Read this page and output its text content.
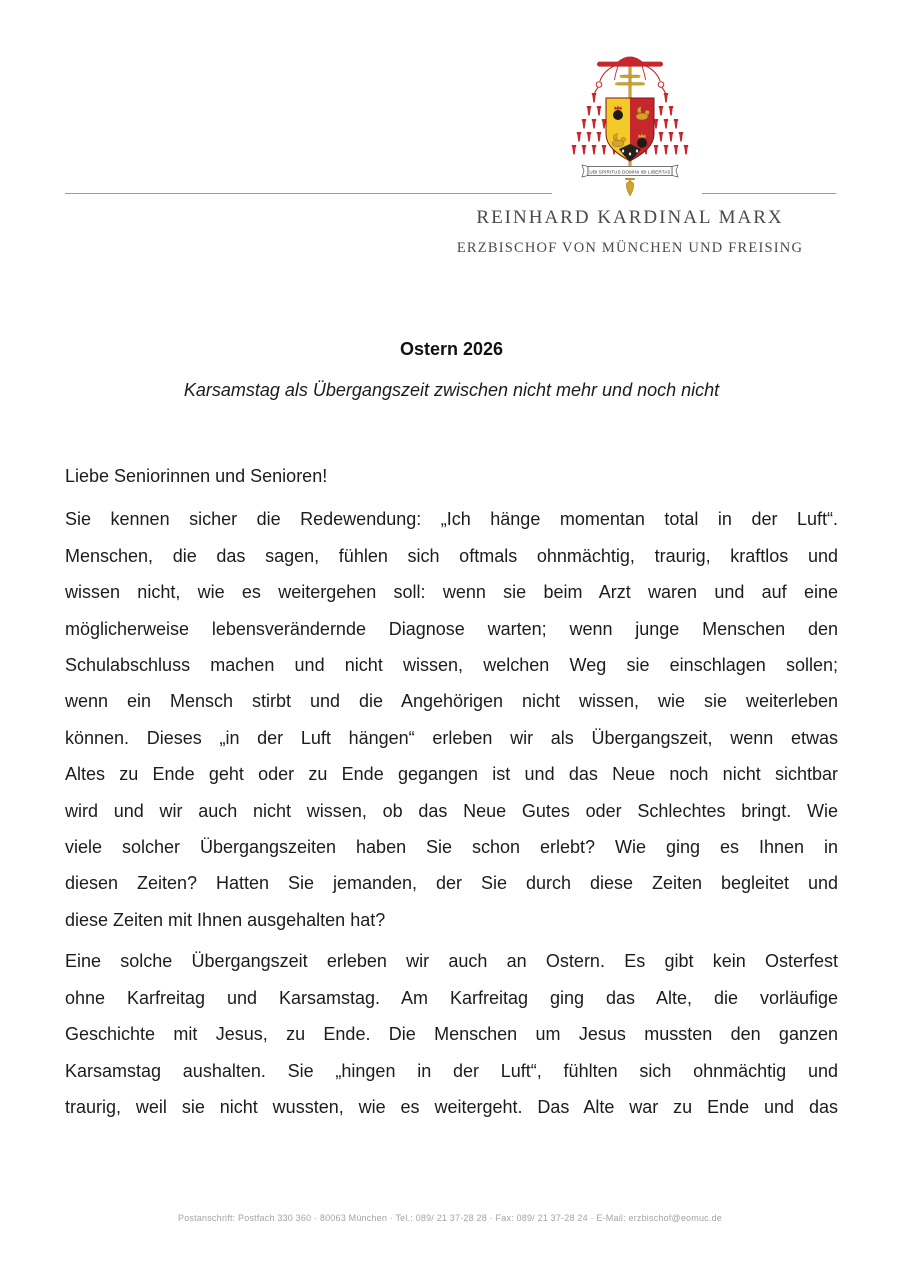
UBI SPIRITUS DOMINI IBI LIBERTAS
REINHARD KARDINAL MARX
ERZBISCHOF VON MÜNCHEN UND FREISING
Ostern 2026
Karsamstag als Übergangszeit zwischen nicht mehr und noch nicht
Liebe Seniorinnen und Senioren!

Sie kennen sicher die Redewendung: „Ich hänge momentan total in der Luft“.
Menschen, die das sagen, fühlen sich oftmals ohnmächtig, traurig, kraftlos und
wissen nicht, wie es weitergehen soll: wenn sie beim Arzt waren und auf eine
möglicherweise lebensverändernde Diagnose warten; wenn junge Menschen den
Schulabschluss machen und nicht wissen, welchen Weg sie einschlagen sollen;
wenn ein Mensch stirbt und die Angehörigen nicht wissen, wie sie weiterleben
können. Dieses „in der Luft hängen“ erleben wir als Übergangszeit, wenn etwas
Altes zu Ende geht oder zu Ende gegangen ist und das Neue noch nicht sichtbar
wird und wir auch nicht wissen, ob das Neue Gutes oder Schlechtes bringt. Wie
viele solcher Übergangszeiten haben Sie schon erlebt? Wie ging es Ihnen in
diesen Zeiten? Hatten Sie jemanden, der Sie durch diese Zeiten begleitet und
diese Zeiten mit Ihnen ausgehalten hat?

Eine solche Übergangszeit erleben wir auch an Ostern. Es gibt kein Osterfest
ohne Karfreitag und Karsamstag. Am Karfreitag ging das Alte, die vorläufige
Geschichte mit Jesus, zu Ende. Die Menschen um Jesus mussten den ganzen
Karsamstag aushalten. Sie „hingen in der Luft“, fühlten sich ohnmächtig und
traurig, weil sie nicht wussten, wie es weitergeht. Das Alte war zu Ende und das

Postanschrift: Postfach 330 360 · 80063 München · Tel.: 089/ 21 37-28 28 · Fax: 089/ 21 37-28 24 · E-Mail: erzbischof@eomuc.de
